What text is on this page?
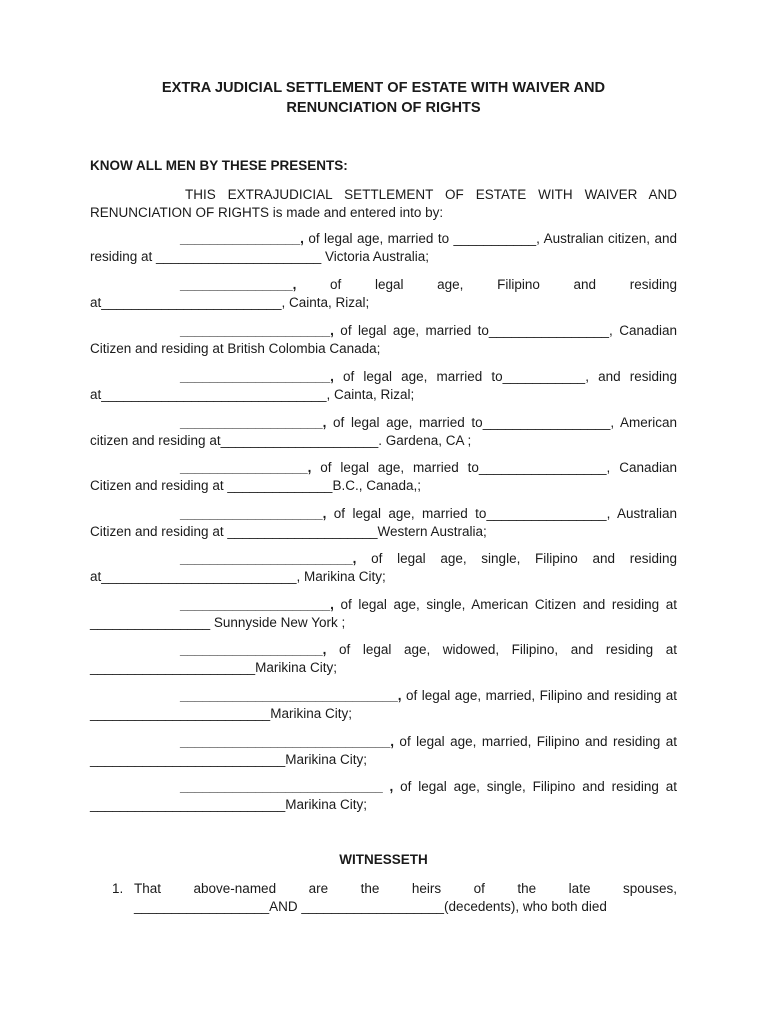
EXTRA JUDICIAL SETTLEMENT OF ESTATE WITH WAIVER AND
RENUNCIATION OF RIGHTS

KNOW ALL MEN BY THESE PRESENTS:

THIS EXTRAJUDICIAL SETTLEMENT OF ESTATE WITH WAIVER AND RENUNCIATION OF RIGHTS is made and entered into by:

________________, of legal age, married to ___________, Australian citizen, and residing at ______________________ Victoria Australia;

_______________, of legal age, Filipino and residing at________________________, Cainta, Rizal;

____________________, of legal age, married to________________, Canadian Citizen and residing at British Colombia Canada;

____________________, of legal age, married to___________, and residing at______________________________, Cainta, Rizal;

___________________, of legal age, married to_________________, American citizen and residing at_____________________. Gardena, CA ;

_________________, of legal age, married to_________________, Canadian Citizen and residing at ______________B.C., Canada,;

___________________, of legal age, married to________________, Australian Citizen and residing at ____________________Western Australia;

_______________________, of legal age, single, Filipino and residing at__________________________, Marikina City;

____________________, of legal age, single, American Citizen and residing at ________________ Sunnyside New York ;

___________________, of legal age, widowed, Filipino, and residing at ______________________Marikina City;

_____________________________, of legal age, married, Filipino and residing at ________________________Marikina City;

____________________________, of legal age, married, Filipino and residing at __________________________Marikina City;

___________________________ , of legal age, single, Filipino and residing at __________________________Marikina City;

WITNESSETH
1. That above-named are the heirs of the late spouses,
__________________AND ___________________(decedents), who both died
